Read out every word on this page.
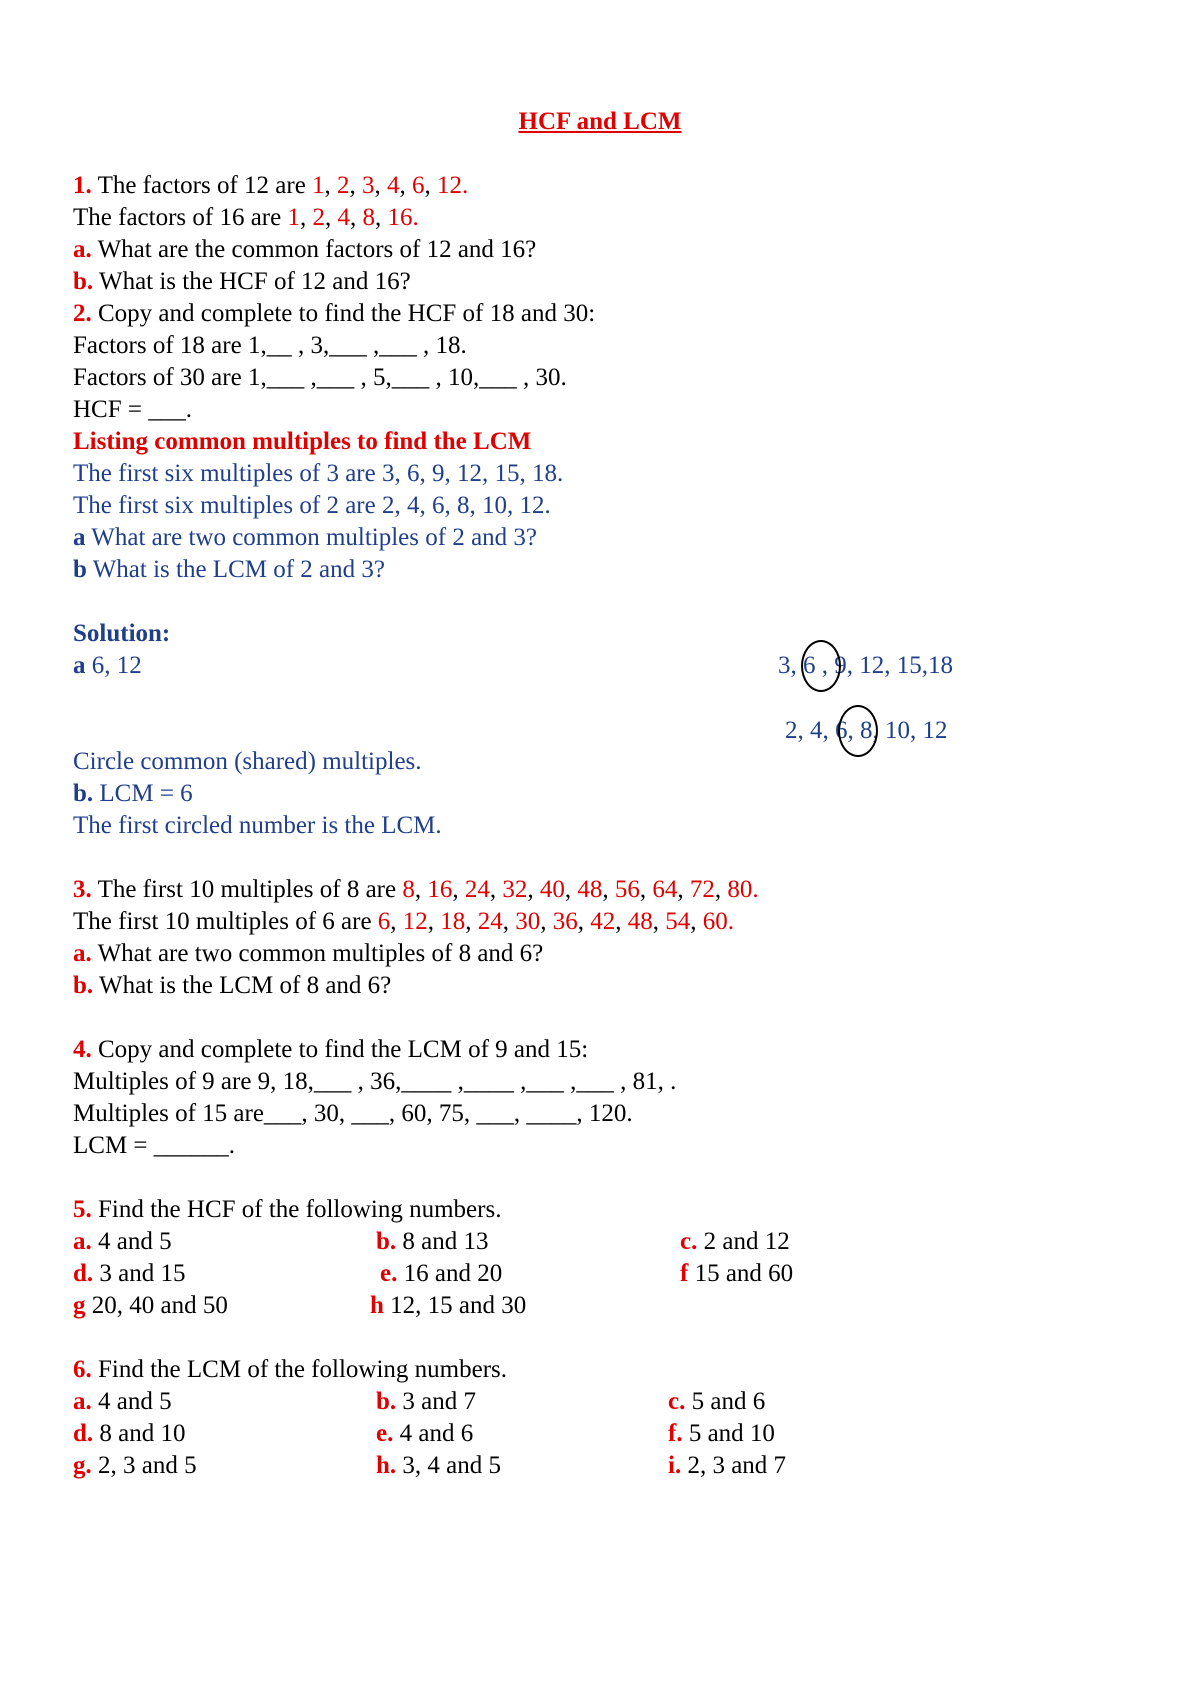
HCF and LCM
1. The factors of 12 are 1, 2, 3, 4, 6, 12.
The factors of 16 are 1, 2, 4, 8, 16.
a. What are the common factors of 12 and 16?
b. What is the HCF of 12 and 16?
2. Copy and complete to find the HCF of 18 and 30:
Factors of 18 are 1,__ , 3,___ ,___ , 18.
Factors of 30 are 1,___ ,___ , 5,___ , 10,___ , 30.
HCF = ___.
Listing common multiples to find the LCM
The first six multiples of 3 are 3, 6, 9, 12, 15, 18.
The first six multiples of 2 are 2, 4, 6, 8, 10, 12.
a What are two common multiples of 2 and 3?
b What is the LCM of 2 and 3?
Solution:
a 6, 12	3, 6 , 9, 12, 15,18
2, 4, 6, 8, 10, 12
Circle common (shared) multiples.
b. LCM = 6
The first circled number is the LCM.
3. The first 10 multiples of 8 are 8, 16, 24, 32, 40, 48, 56, 64, 72, 80.
The first 10 multiples of 6 are 6, 12, 18, 24, 30, 36, 42, 48, 54, 60.
a. What are two common multiples of 8 and 6?
b. What is the LCM of 8 and 6?
4. Copy and complete to find the LCM of 9 and 15:
Multiples of 9 are 9, 18,___ , 36,____ ,____ ,___ ,___ , 81, .
Multiples of 15 are___, 30, ___, 60, 75, ___, ____, 120.
LCM = ______.
5. Find the HCF of the following numbers.
a. 4 and 5	b. 8 and 13	c. 2 and 12
d. 3 and 15	e. 16 and 20	f 15 and 60
g 20, 40 and 50	h 12, 15 and 30
6. Find the LCM of the following numbers.
a. 4 and 5	b. 3 and 7	c. 5 and 6
d. 8 and 10	e. 4 and 6	f. 5 and 10
g. 2, 3 and 5	h. 3, 4 and 5	i. 2, 3 and 7
